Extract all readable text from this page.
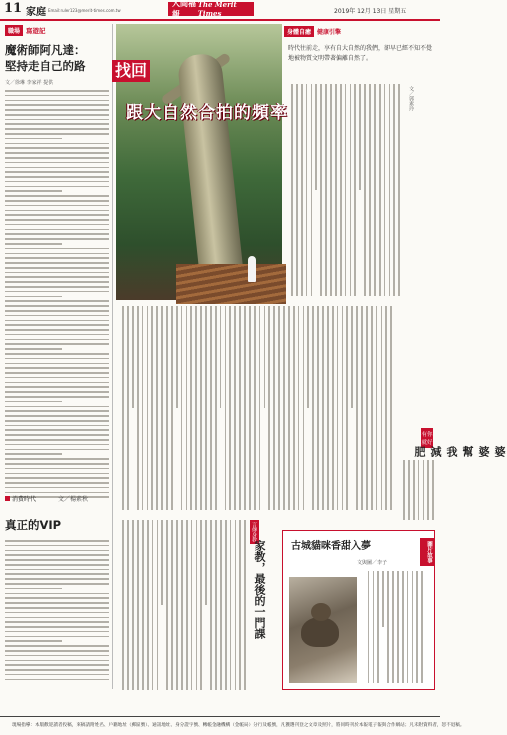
11 家庭 Email:ruler123@merit-times.com.tw
人間福報
The Merit Times	2019年 12月 13日 星期五
職場 寫遊記
魔術師阿凡達：
堅持走自己的路
文／徐琳 李家祥 提供
消費時代	文／楊素秋
真正的VIP
找回
跟大自然合拍的頻率
身體自癒	健康引擎
時代往前走，享有自大自然的我們，卻早已經不知不覺地被物質文明帶著偏離自然了。
文／郭素玲
有你就好
婆婆幫我減肥
言傳身教
家教，最後的一門課	古城貓咪香甜入夢
文與圖／李子	圖片故事
現場指導：本版歡迎讀者投稿，來稿請附姓名、戶籍地址（郵區號）、通訊地址、身分證字號、轉帳金融機構（金帳局）分行及帳號，凡獲選刊登之文章及照片，將同時刊於本報電子報與合作網站；凡未附資料者，恕不退稿。
